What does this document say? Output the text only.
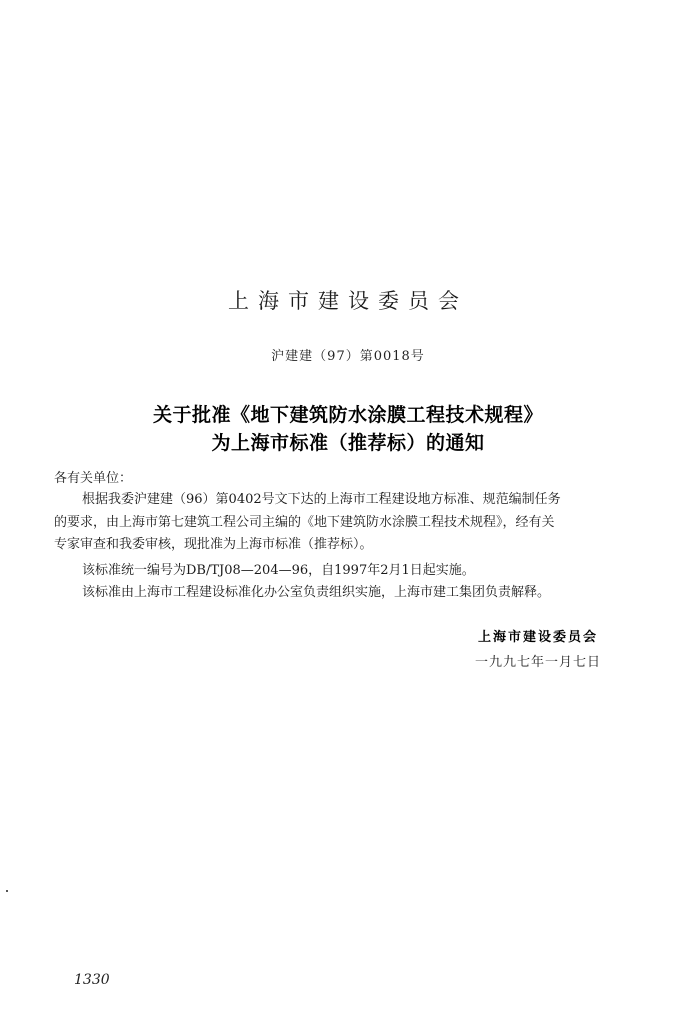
上海市建设委员会
沪建建（97）第0018号
关于批准《地下建筑防水涂膜工程技术规程》
为上海市标准（推荐标）的通知
各有关单位：
根据我委沪建建（96）第0402号文下达的上海市工程建设地方标准、规范编制任务
的要求，由上海市第七建筑工程公司主编的《地下建筑防水涂膜工程技术规程》，经有关
专家审查和我委审核，现批准为上海市标准（推荐标）。
该标准统一编号为DB/TJ08—204—96，自1997年2月1日起实施。
该标准由上海市工程建设标准化办公室负责组织实施，上海市建工集团负责解释。
上海市建设委员会
一九九七年一月七日
1330
